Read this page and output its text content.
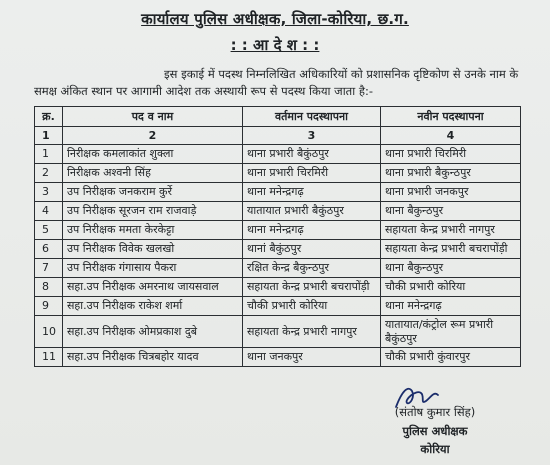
कार्यालय पुलिस अधीक्षक, जिला-कोरिया, छ.ग.
: : आ दे श : :
इस इकाई में पदस्थ निम्नलिखित अधिकारियों को प्रशासनिक दृष्टिकोण से उनके नाम के समक्ष अंकित स्थान पर आगामी आदेश तक अस्थायी रूप से पदस्थ किया जाता है:-
क्र.	पद व नाम	वर्तमान पदस्थापना	नवीन पदस्थापना
1	2	3	4
1	निरीक्षक कमलाकांत शुक्ला	थाना प्रभारी बैकुंठपुर	थाना प्रभारी चिरमिरी
2	निरीक्षक अश्वनी सिंह	थाना प्रभारी चिरमिरी	थाना प्रभारी बैकुन्ठपुर
3	उप निरीक्षक जनकराम कुर्रे	थाना मनेन्द्रगढ़	थाना प्रभारी जनकपुर
4	उप निरीक्षक सूरजन राम राजवाड़े	यातायात प्रभारी बैकुंठपुर	थाना बैकुन्ठपुर
5	उप निरीक्षक ममता केरकेट्टा	थाना मनेन्द्रगढ़	सहायता केन्द्र प्रभारी नागपुर
6	उप निरीक्षक विवेक खलखो	थानां बैकुंठपुर	सहायता केन्द्र प्रभारी बचरापोंड़ी
7	उप निरीक्षक गंगासाय पैकरा	रक्षित केन्द्र बैकुन्ठपुर	थाना बैकुन्ठपुर
8	सहा.उप निरीक्षक अमरनाथ जायसवाल	सहायता केन्द्र प्रभारी बचरापोंड़ी	चौकी प्रभारी कोरिया
9	सहा.उप निरीक्षक राकेश शर्मा	चौकी प्रभारी कोरिया	थाना मनेन्द्रगढ़
10	सहा.उप निरीक्षक ओमप्रकाश दुबे	सहायता केन्द्र प्रभारी नागपुर	यातायात/कंट्रोल रूम प्रभारी बैकुंठपुर
11	सहा.उप निरीक्षक चित्रबहोर यादव	थाना जनकपुर	चौकी प्रभारी कुंवारपुर
(संतोष कुमार सिंह)
पुलिस अधीक्षक
कोरिया
